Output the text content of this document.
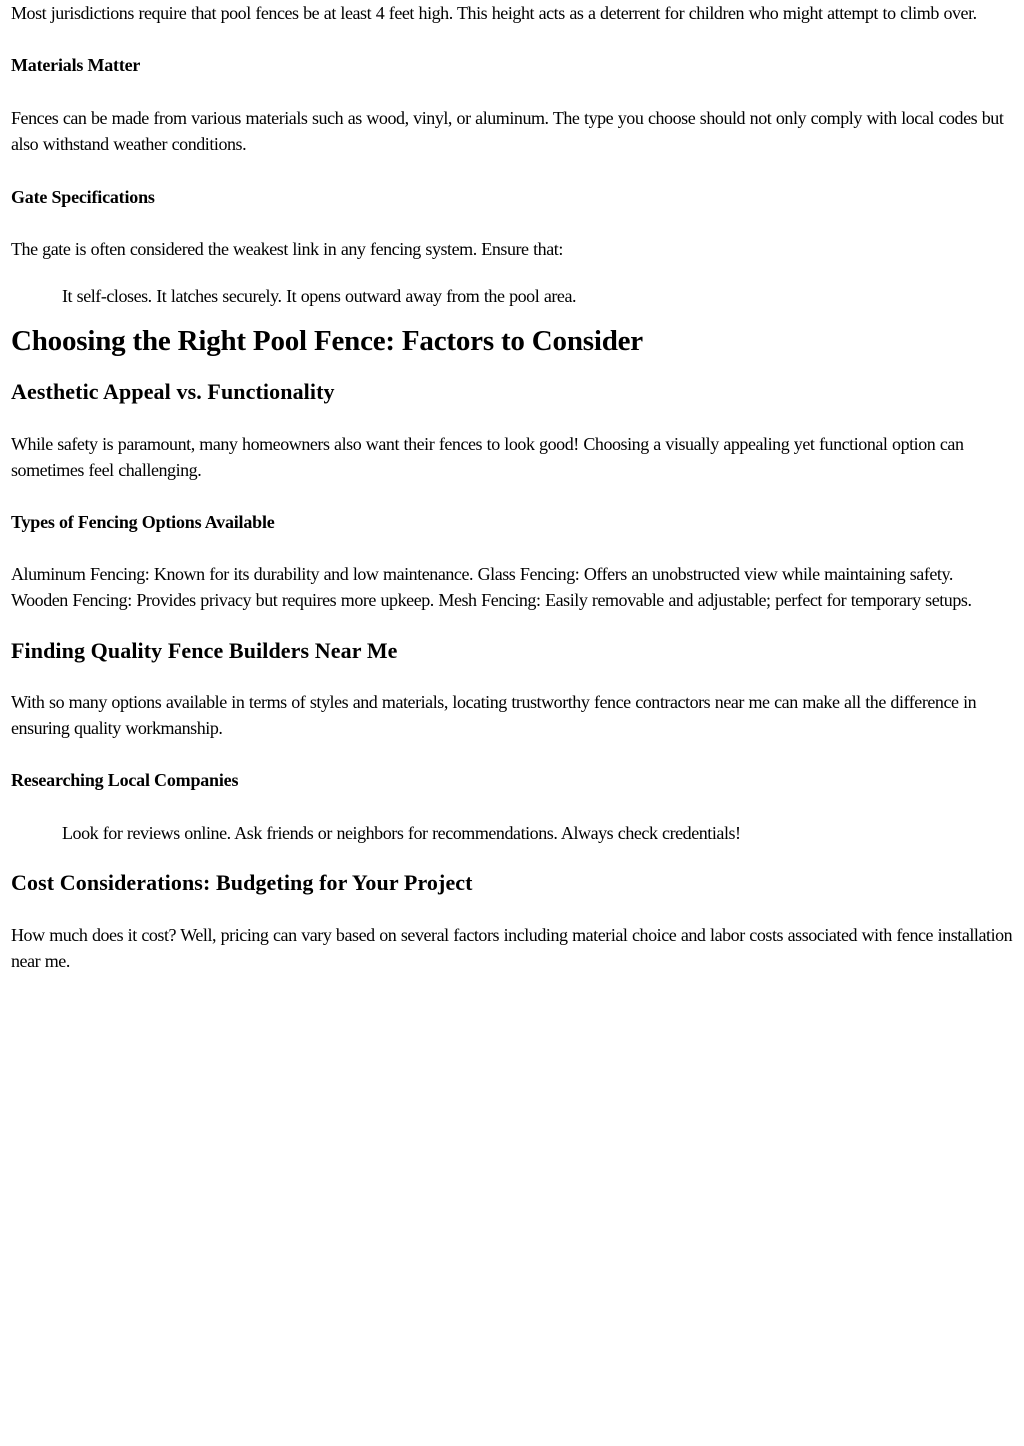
Most jurisdictions require that pool fences be at least 4 feet high. This height acts as a deterrent for children who might attempt to climb over.

Materials Matter

Fences can be made from various materials such as wood, vinyl, or aluminum. The type you choose should not only comply with local codes but also withstand weather conditions.

Gate Specifications

The gate is often considered the weakest link in any fencing system. Ensure that:

It self-closes. It latches securely. It opens outward away from the pool area.

Choosing the Right Pool Fence: Factors to Consider
Aesthetic Appeal vs. Functionality

While safety is paramount, many homeowners also want their fences to look good! Choosing a visually appealing yet functional option can sometimes feel challenging.

Types of Fencing Options Available

Aluminum Fencing: Known for its durability and low maintenance. Glass Fencing: Offers an unobstructed view while maintaining safety. Wooden Fencing: Provides privacy but requires more upkeep. Mesh Fencing: Easily removable and adjustable; perfect for temporary setups.

Finding Quality Fence Builders Near Me

With so many options available in terms of styles and materials, locating trustworthy fence contractors near me can make all the difference in ensuring quality workmanship.

Researching Local Companies

Look for reviews online. Ask friends or neighbors for recommendations. Always check credentials!

Cost Considerations: Budgeting for Your Project

How much does it cost? Well, pricing can vary based on several factors including material choice and labor costs associated with fence installation near me.
